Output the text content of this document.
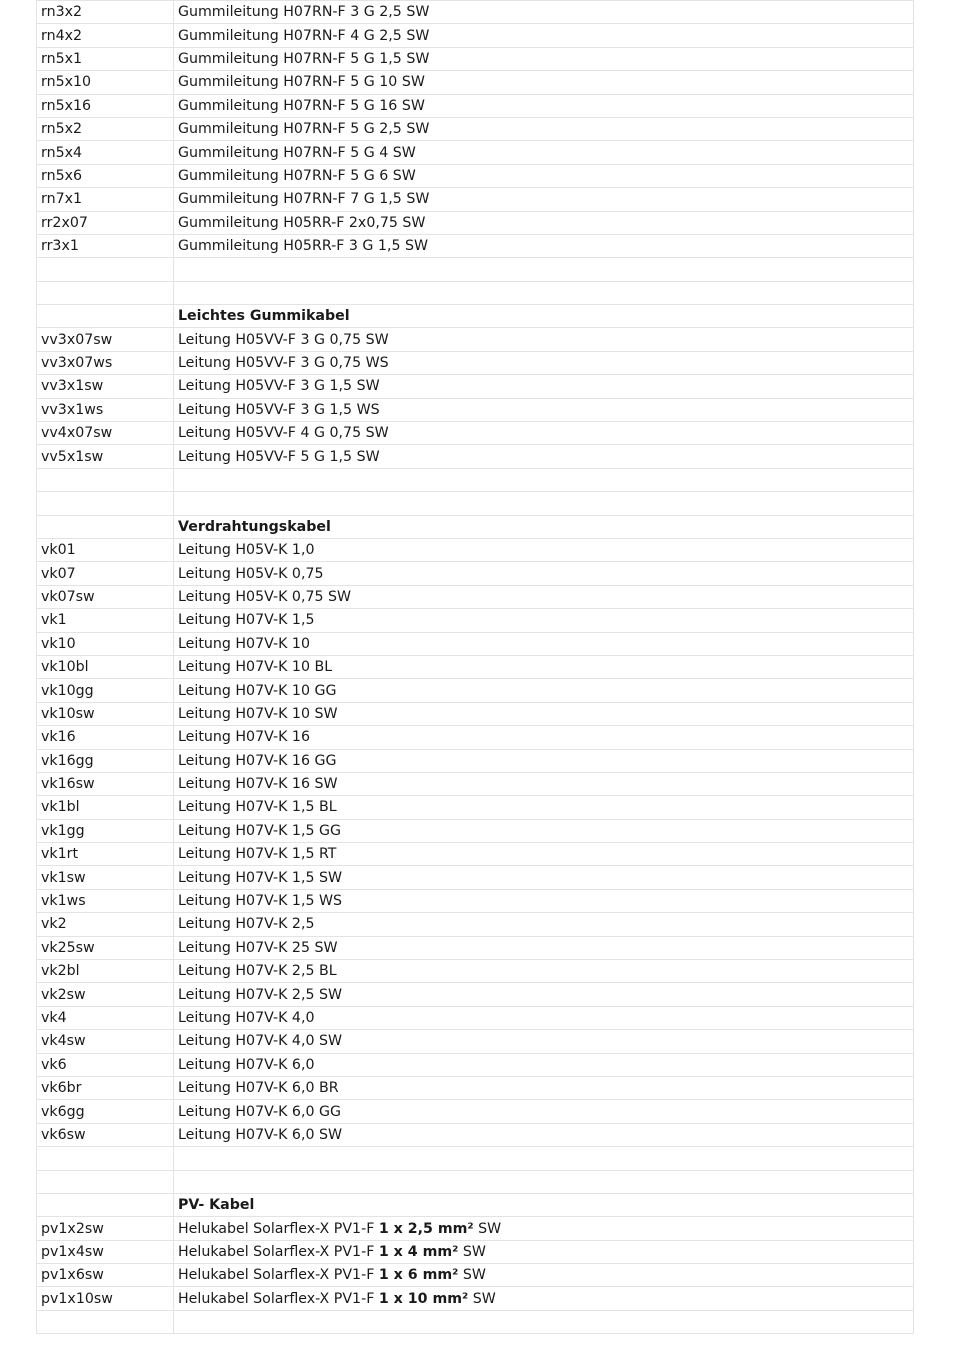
rn3x2	Gummileitung H07RN-F 3 G 2,5 SW
rn4x2	Gummileitung H07RN-F 4 G 2,5 SW
rn5x1	Gummileitung H07RN-F 5 G 1,5 SW
rn5x10	Gummileitung H07RN-F 5 G 10 SW
rn5x16	Gummileitung H07RN-F 5 G 16 SW
rn5x2	Gummileitung H07RN-F 5 G 2,5 SW
rn5x4	Gummileitung H07RN-F 5 G 4 SW
rn5x6	Gummileitung H07RN-F 5 G 6 SW
rn7x1	Gummileitung H07RN-F 7 G 1,5 SW
rr2x07	Gummileitung H05RR-F 2x0,75 SW
rr3x1	Gummileitung H05RR-F 3 G 1,5 SW

	Leichtes Gummikabel
vv3x07sw	Leitung H05VV-F 3 G 0,75 SW
vv3x07ws	Leitung H05VV-F 3 G 0,75 WS
vv3x1sw	Leitung H05VV-F 3 G 1,5 SW
vv3x1ws	Leitung H05VV-F 3 G 1,5 WS
vv4x07sw	Leitung H05VV-F 4 G 0,75 SW
vv5x1sw	Leitung H05VV-F 5 G 1,5 SW

	Verdrahtungskabel
vk01	Leitung H05V-K 1,0
vk07	Leitung H05V-K 0,75
vk07sw	Leitung H05V-K 0,75 SW
vk1	Leitung H07V-K 1,5
vk10	Leitung H07V-K 10
vk10bl	Leitung H07V-K 10 BL
vk10gg	Leitung H07V-K 10 GG
vk10sw	Leitung H07V-K 10 SW
vk16	Leitung H07V-K 16
vk16gg	Leitung H07V-K 16 GG
vk16sw	Leitung H07V-K 16 SW
vk1bl	Leitung H07V-K 1,5 BL
vk1gg	Leitung H07V-K 1,5 GG
vk1rt	Leitung H07V-K 1,5 RT
vk1sw	Leitung H07V-K 1,5 SW
vk1ws	Leitung H07V-K 1,5 WS
vk2	Leitung H07V-K 2,5
vk25sw	Leitung H07V-K 25 SW
vk2bl	Leitung H07V-K 2,5 BL
vk2sw	Leitung H07V-K 2,5 SW
vk4	Leitung H07V-K 4,0
vk4sw	Leitung H07V-K 4,0 SW
vk6	Leitung H07V-K 6,0
vk6br	Leitung H07V-K 6,0 BR
vk6gg	Leitung H07V-K 6,0 GG
vk6sw	Leitung H07V-K 6,0 SW

	PV- Kabel
pv1x2sw	Helukabel Solarflex-X PV1-F 1 x 2,5 mm² SW
pv1x4sw	Helukabel Solarflex-X PV1-F 1 x 4 mm² SW
pv1x6sw	Helukabel Solarflex-X PV1-F 1 x 6 mm² SW
pv1x10sw	Helukabel Solarflex-X PV1-F 1 x 10 mm² SW
